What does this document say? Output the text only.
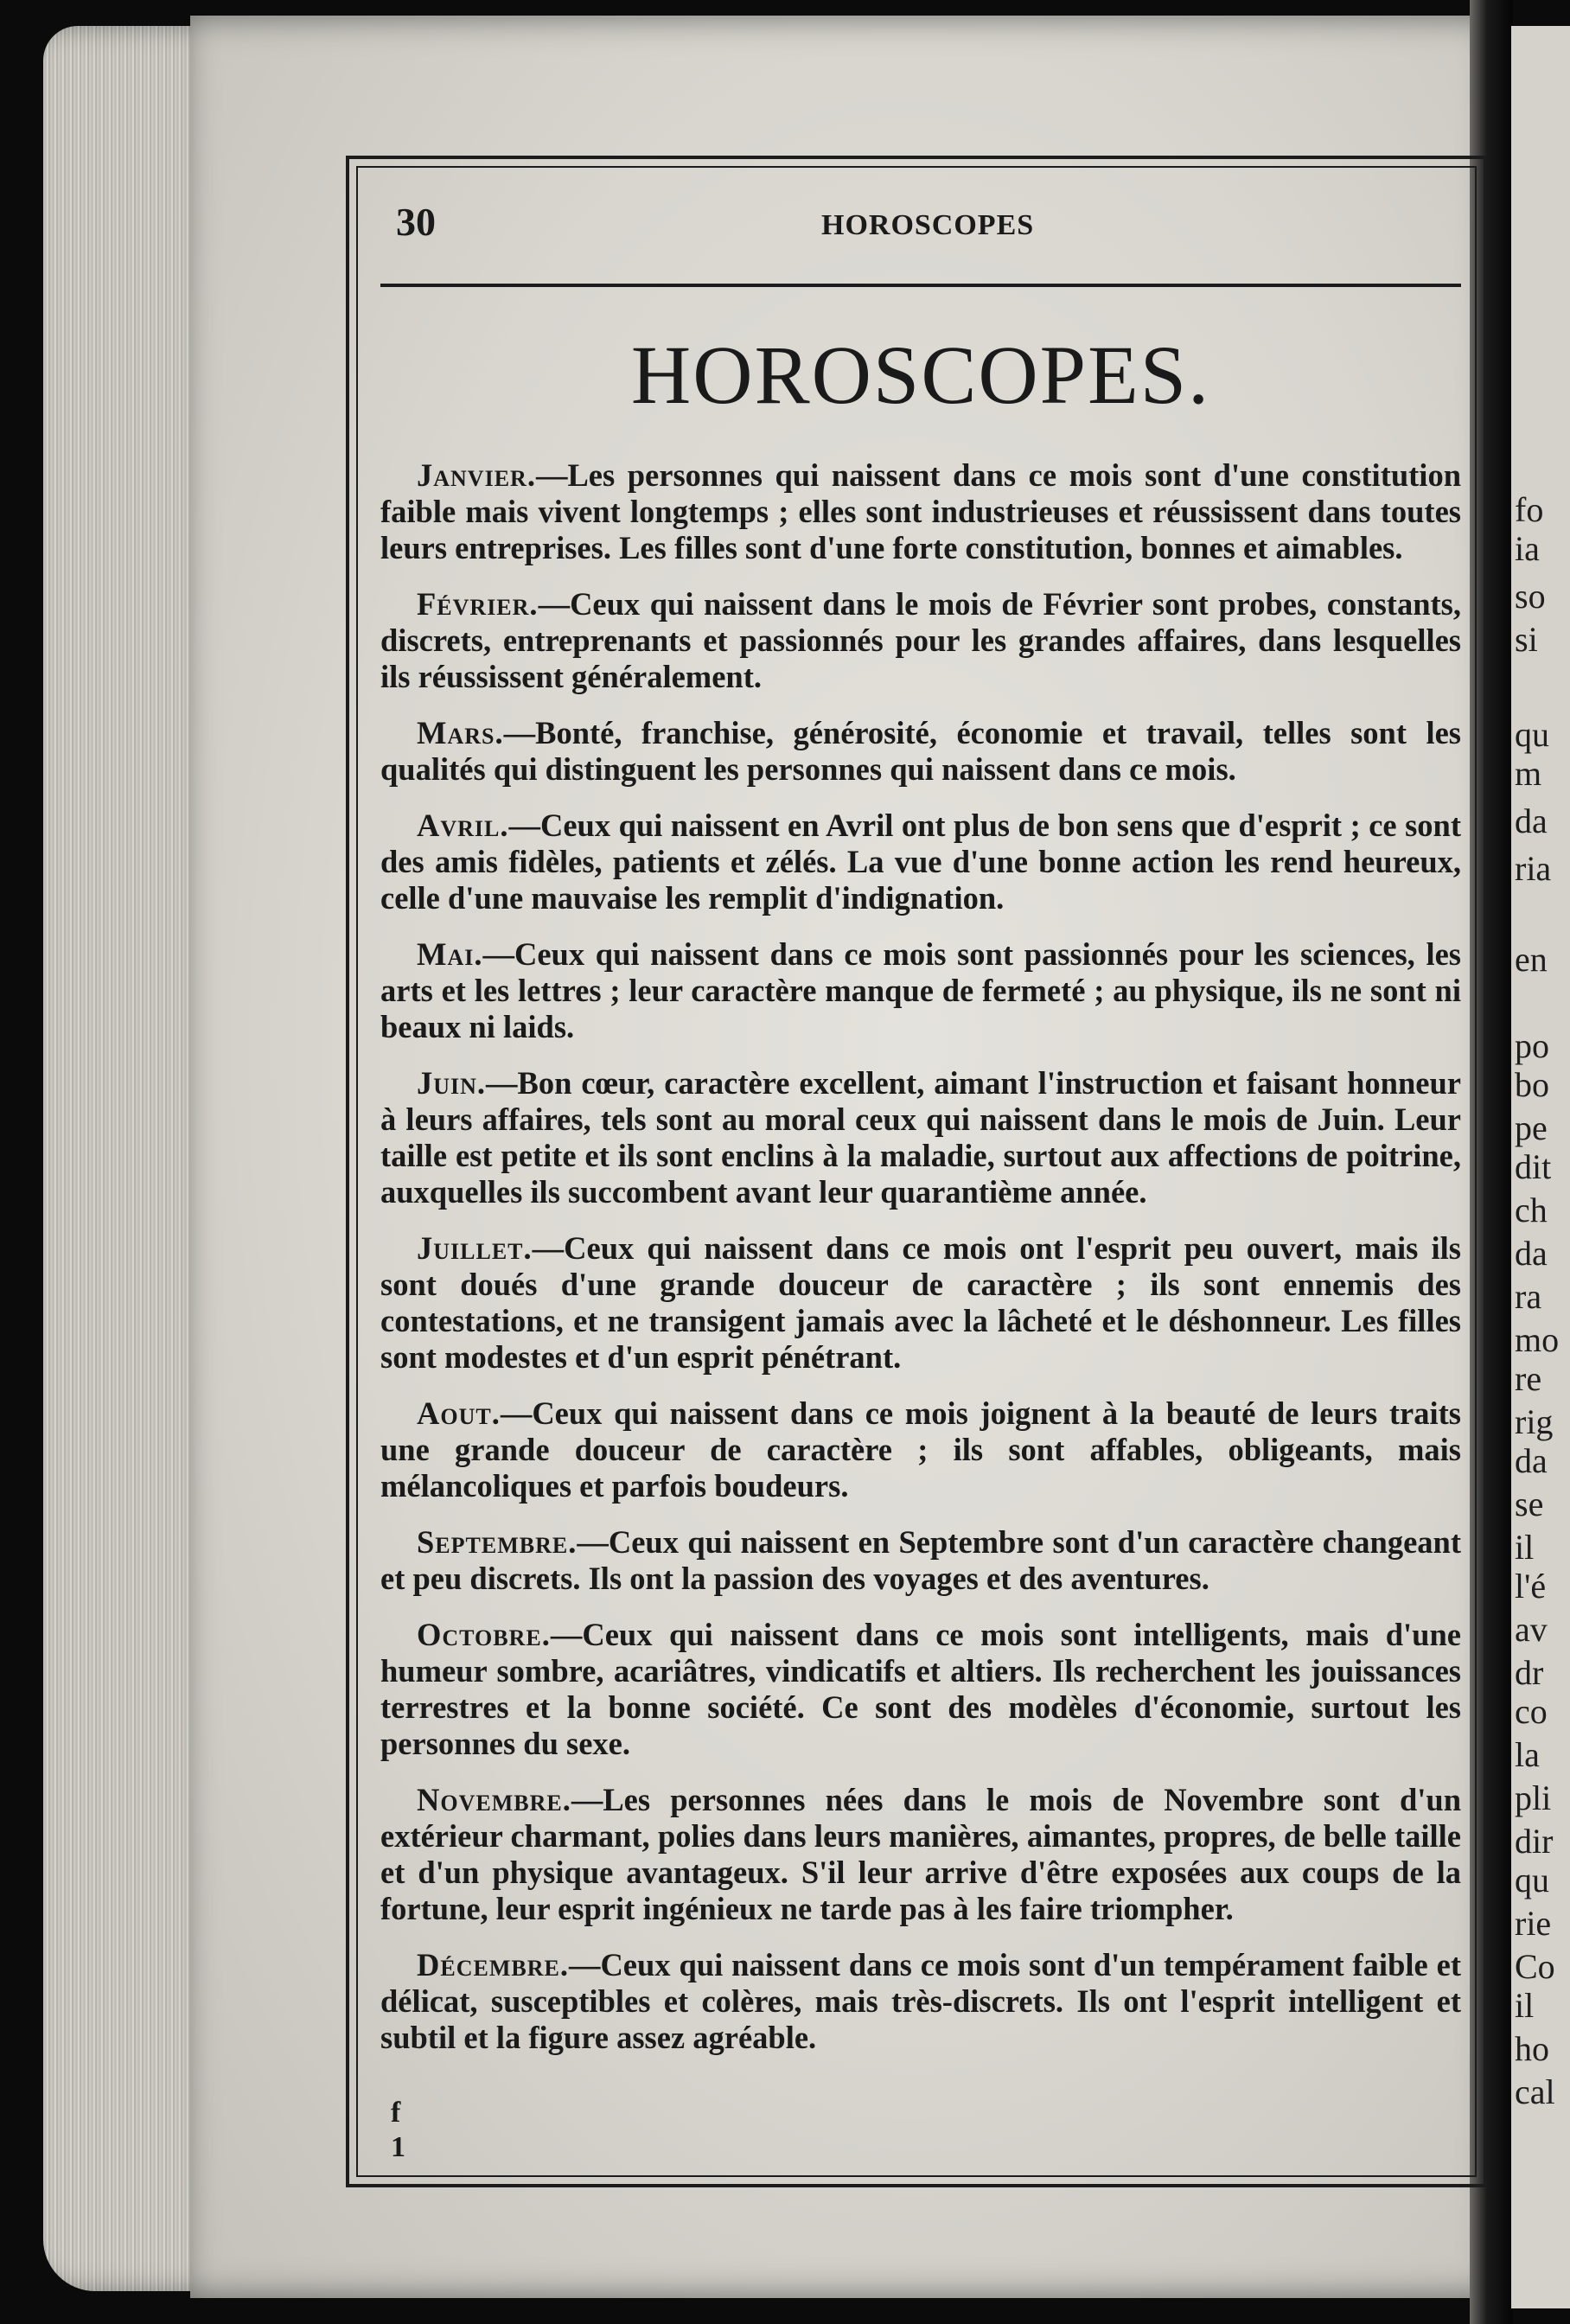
fo
ia
so
si
qu
m
da
ria
en
po
bo
pe
dit
ch
da
ra
mo
re
rig
da
se
il
l'é
av
dr
co
la
pli
dir
qu
rie
Co
il
ho
cal
30	HOROSCOPES
HOROSCOPES.

Janvier.—Les personnes qui naissent dans ce mois sont d'une constitution faible mais vivent longtemps ; elles sont industrieuses et réussissent dans toutes leurs entreprises. Les filles sont d'une forte constitution, bonnes et aimables.

Février.—Ceux qui naissent dans le mois de Février sont probes, constants, discrets, entreprenants et passionnés pour les grandes affaires, dans lesquelles ils réussissent généralement.

Mars.—Bonté, franchise, générosité, économie et travail, telles sont les qualités qui distinguent les personnes qui naissent dans ce mois.

Avril.—Ceux qui naissent en Avril ont plus de bon sens que d'esprit ; ce sont des amis fidèles, patients et zélés. La vue d'une bonne action les rend heureux, celle d'une mauvaise les remplit d'indignation.

Mai.—Ceux qui naissent dans ce mois sont passionnés pour les sciences, les arts et les lettres ; leur caractère manque de fermeté ; au physique, ils ne sont ni beaux ni laids.

Juin.—Bon cœur, caractère excellent, aimant l'instruction et faisant honneur à leurs affaires, tels sont au moral ceux qui naissent dans le mois de Juin. Leur taille est petite et ils sont enclins à la maladie, surtout aux affections de poitrine, auxquelles ils succombent avant leur quarantième année.

Juillet.—Ceux qui naissent dans ce mois ont l'esprit peu ouvert, mais ils sont doués d'une grande douceur de caractère ; ils sont ennemis des contestations, et ne transigent jamais avec la lâcheté et le déshonneur. Les filles sont modestes et d'un esprit pénétrant.

Aout.—Ceux qui naissent dans ce mois joignent à la beauté de leurs traits une grande douceur de caractère ; ils sont affables, obligeants, mais mélancoliques et parfois boudeurs.

Septembre.—Ceux qui naissent en Septembre sont d'un caractère changeant et peu discrets. Ils ont la passion des voyages et des aventures.

Octobre.—Ceux qui naissent dans ce mois sont intelligents, mais d'une humeur sombre, acariâtres, vindicatifs et altiers. Ils recherchent les jouissances terrestres et la bonne société. Ce sont des modèles d'économie, surtout les personnes du sexe.

Novembre.—Les personnes nées dans le mois de Novembre sont d'un extérieur charmant, polies dans leurs manières, aimantes, propres, de belle taille et d'un physique avantageux. S'il leur arrive d'être exposées aux coups de la fortune, leur esprit ingénieux ne tarde pas à les faire triompher.

Décembre.—Ceux qui naissent dans ce mois sont d'un tempérament faible et délicat, susceptibles et colères, mais très-discrets. Ils ont l'esprit intelligent et subtil et la figure assez agréable.

f
1
